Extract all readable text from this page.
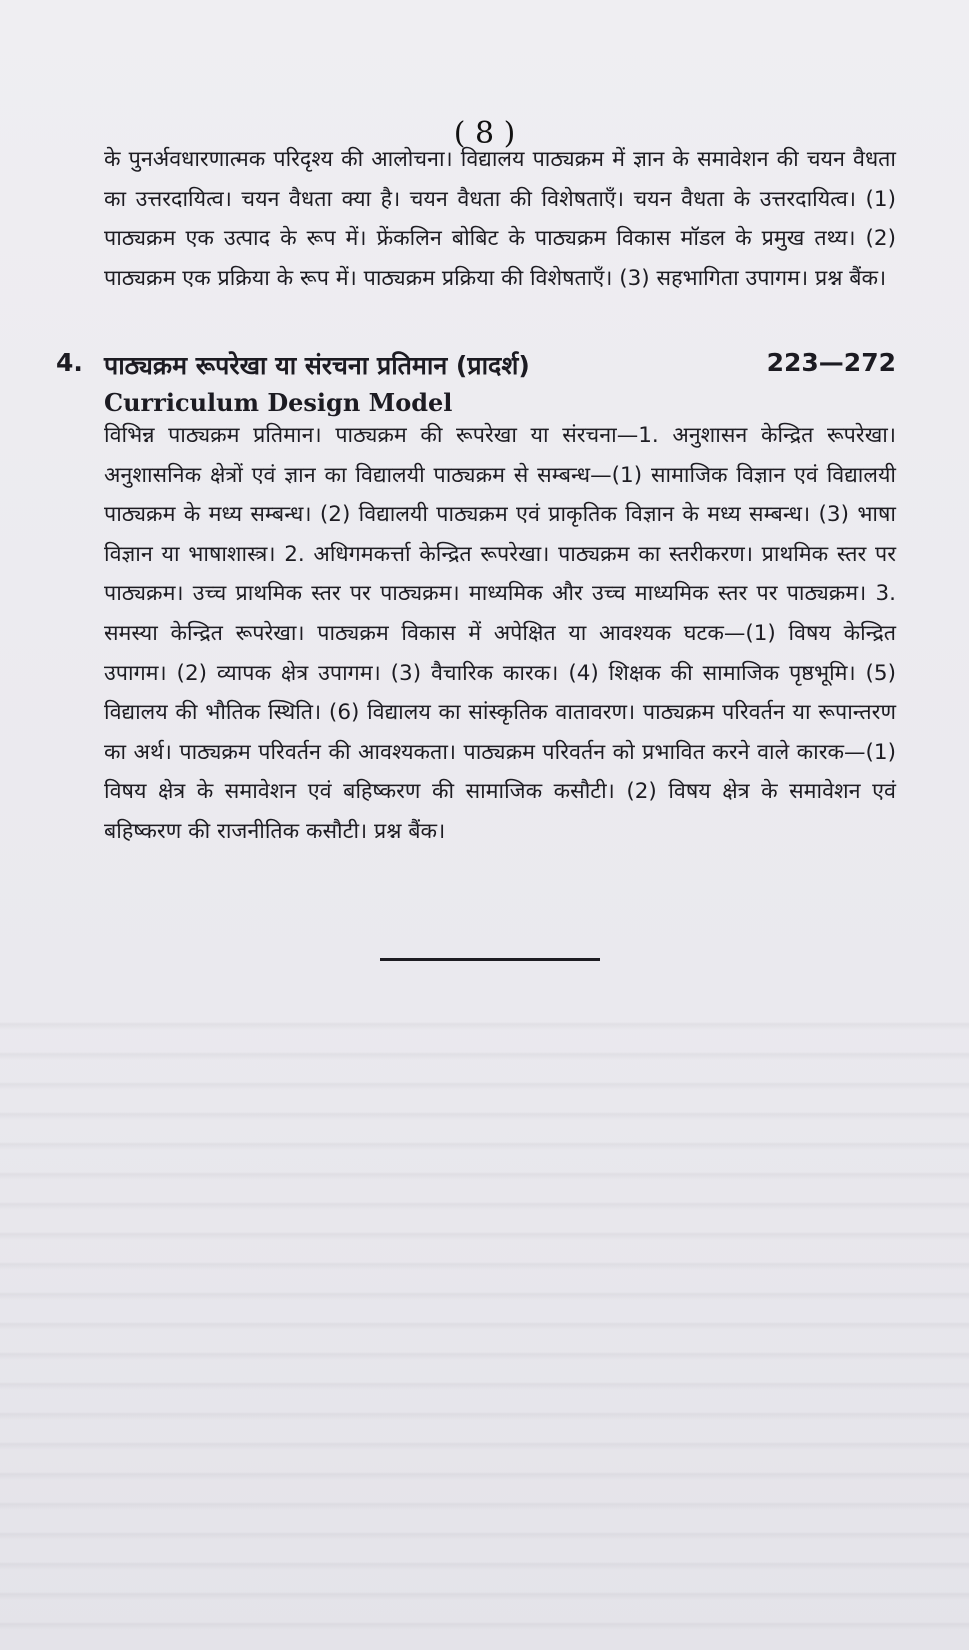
( 8 )
के पुनर्अवधारणात्मक परिदृश्य की आलोचना। विद्यालय पाठ्यक्रम में ज्ञान के समावेशन की चयन वैधता का उत्तरदायित्व। चयन वैधता क्या है। चयन वैधता की विशेषताएँ। चयन वैधता के उत्तरदायित्व। (1) पाठ्यक्रम एक उत्पाद के रूप में। फ्रेंकलिन बोबिट के पाठ्यक्रम विकास मॉडल के प्रमुख तथ्य। (2) पाठ्यक्रम एक प्रक्रिया के रूप में। पाठ्यक्रम प्रक्रिया की विशेषताएँ। (3) सहभागिता उपागम। प्रश्न बैंक।
4. पाठ्यक्रम रूपरेखा या संरचना प्रतिमान (प्रादर्श)	223—272
Curriculum Design Model
विभिन्न पाठ्यक्रम प्रतिमान। पाठ्यक्रम की रूपरेखा या संरचना—1. अनुशासन केन्द्रित रूपरेखा। अनुशासनिक क्षेत्रों एवं ज्ञान का विद्यालयी पाठ्यक्रम से सम्बन्ध—(1) सामाजिक विज्ञान एवं विद्यालयी पाठ्यक्रम के मध्य सम्बन्ध। (2) विद्यालयी पाठ्यक्रम एवं प्राकृतिक विज्ञान के मध्य सम्बन्ध। (3) भाषा विज्ञान या भाषाशास्त्र। 2. अधिगमकर्त्ता केन्द्रित रूपरेखा। पाठ्यक्रम का स्तरीकरण। प्राथमिक स्तर पर पाठ्यक्रम। उच्च प्राथमिक स्तर पर पाठ्यक्रम। माध्यमिक और उच्च माध्यमिक स्तर पर पाठ्यक्रम। 3. समस्या केन्द्रित रूपरेखा। पाठ्यक्रम विकास में अपेक्षित या आवश्यक घटक—(1) विषय केन्द्रित उपागम। (2) व्यापक क्षेत्र उपागम। (3) वैचारिक कारक। (4) शिक्षक की सामाजिक पृष्ठभूमि। (5) विद्यालय की भौतिक स्थिति। (6) विद्यालय का सांस्कृतिक वातावरण। पाठ्यक्रम परिवर्तन या रूपान्तरण का अर्थ। पाठ्यक्रम परिवर्तन की आवश्यकता। पाठ्यक्रम परिवर्तन को प्रभावित करने वाले कारक—(1) विषय क्षेत्र के समावेशन एवं बहिष्करण की सामाजिक कसौटी। (2) विषय क्षेत्र के समावेशन एवं बहिष्करण की राजनीतिक कसौटी। प्रश्न बैंक।
